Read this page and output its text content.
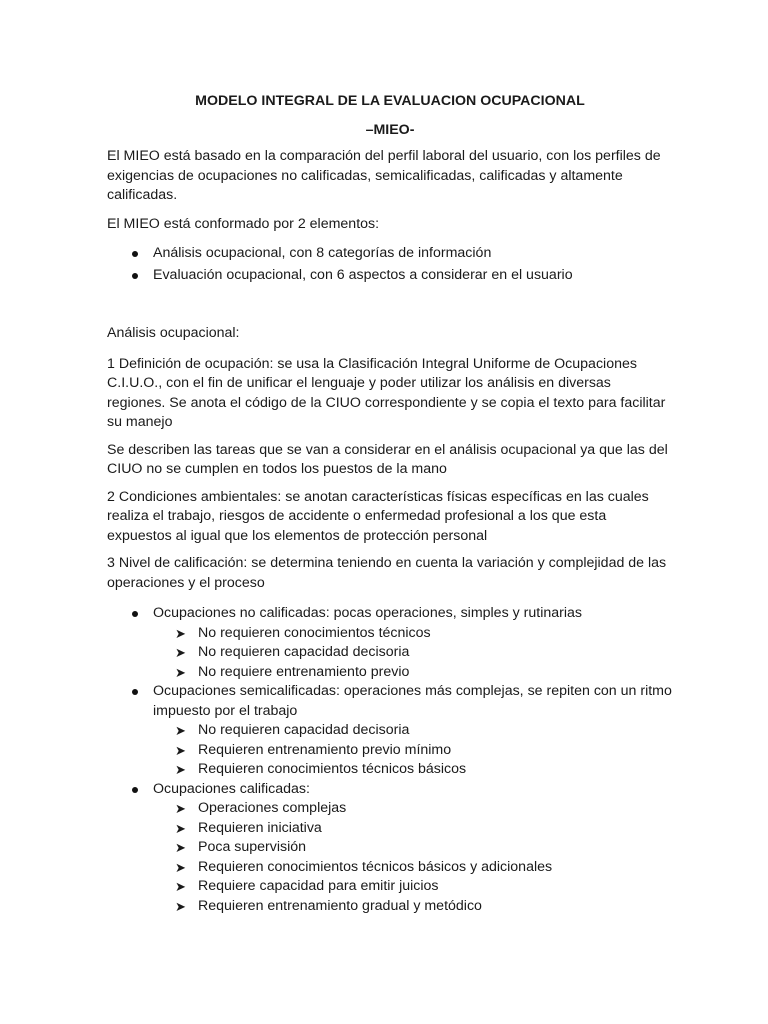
MODELO INTEGRAL DE LA EVALUACION OCUPACIONAL

–MIEO-

El MIEO está basado en la comparación del perfil laboral del usuario, con los perfiles de exigencias de ocupaciones no calificadas, semicalificadas, calificadas y altamente calificadas.

El MIEO está conformado por 2 elementos:

Análisis ocupacional, con 8 categorías de información
Evaluación ocupacional, con 6 aspectos a considerar en el usuario

Análisis ocupacional:

1 Definición de ocupación: se usa la Clasificación Integral Uniforme de Ocupaciones C.I.U.O., con el fin de unificar el lenguaje y poder utilizar los análisis en diversas regiones. Se anota el código de la CIUO correspondiente y se copia el texto para facilitar su manejo

Se describen las tareas que se van a considerar en el análisis ocupacional ya que las del CIUO no se cumplen en todos los puestos de la mano

2 Condiciones ambientales: se anotan características físicas específicas en las cuales realiza el trabajo, riesgos de accidente o enfermedad profesional a los que esta expuestos al igual que los elementos de protección personal

3 Nivel de calificación: se determina teniendo en cuenta la variación y complejidad de las operaciones y el proceso

Ocupaciones no calificadas: pocas operaciones, simples y rutinarias
➤ No requieren conocimientos técnicos
➤ No requieren capacidad decisoria
➤ No requiere entrenamiento previo
Ocupaciones semicalificadas: operaciones más complejas, se repiten con un ritmo impuesto por el trabajo
➤ No requieren capacidad decisoria
➤ Requieren entrenamiento previo mínimo
➤ Requieren conocimientos técnicos básicos
Ocupaciones calificadas:
➤ Operaciones complejas
➤ Requieren iniciativa
➤ Poca supervisión
➤ Requieren conocimientos técnicos básicos y adicionales
➤ Requiere capacidad para emitir juicios
➤ Requieren entrenamiento gradual y metódico
